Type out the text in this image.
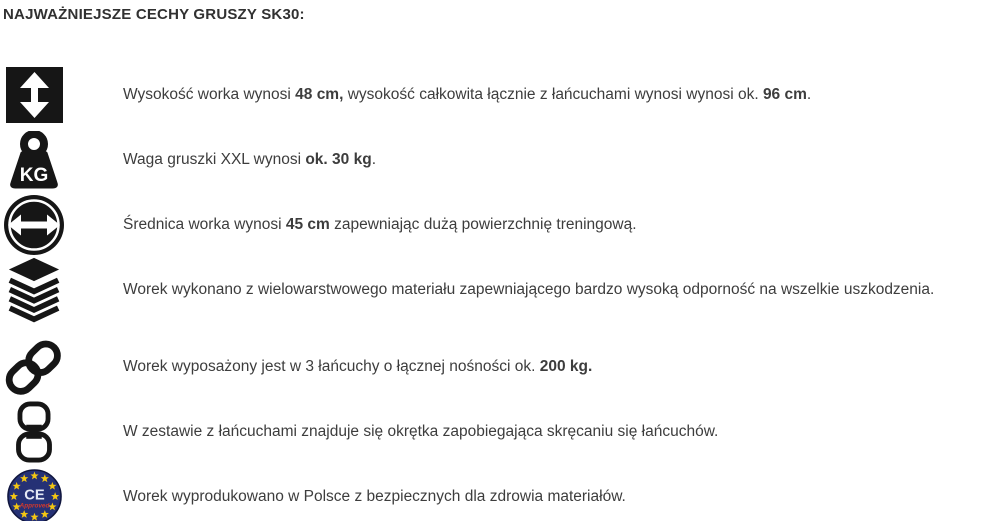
NAJWAŻNIEJSZE CECHY GRUSZY SK30:

Wysokość worka wynosi 48 cm, wysokość całkowita łącznie z łańcuchami wynosi wynosi ok. 96 cm.

KG

Waga gruszki XXL wynosi ok. 30 kg.

Średnica worka wynosi 45 cm zapewniając dużą powierzchnię treningową.

Worek wykonano z wielowarstwowego materiału zapewniającego bardzo wysoką odporność na wszelkie uszkodzenia.

Worek wyposażony jest w 3 łańcuchy o łącznej nośności ok. 200 kg.

W zestawie z łańcuchami znajduje się okrętka zapobiegająca skręcaniu się łańcuchów.

CE
Approved

Worek wyprodukowano w Polsce z bezpiecznych dla zdrowia materiałów.
